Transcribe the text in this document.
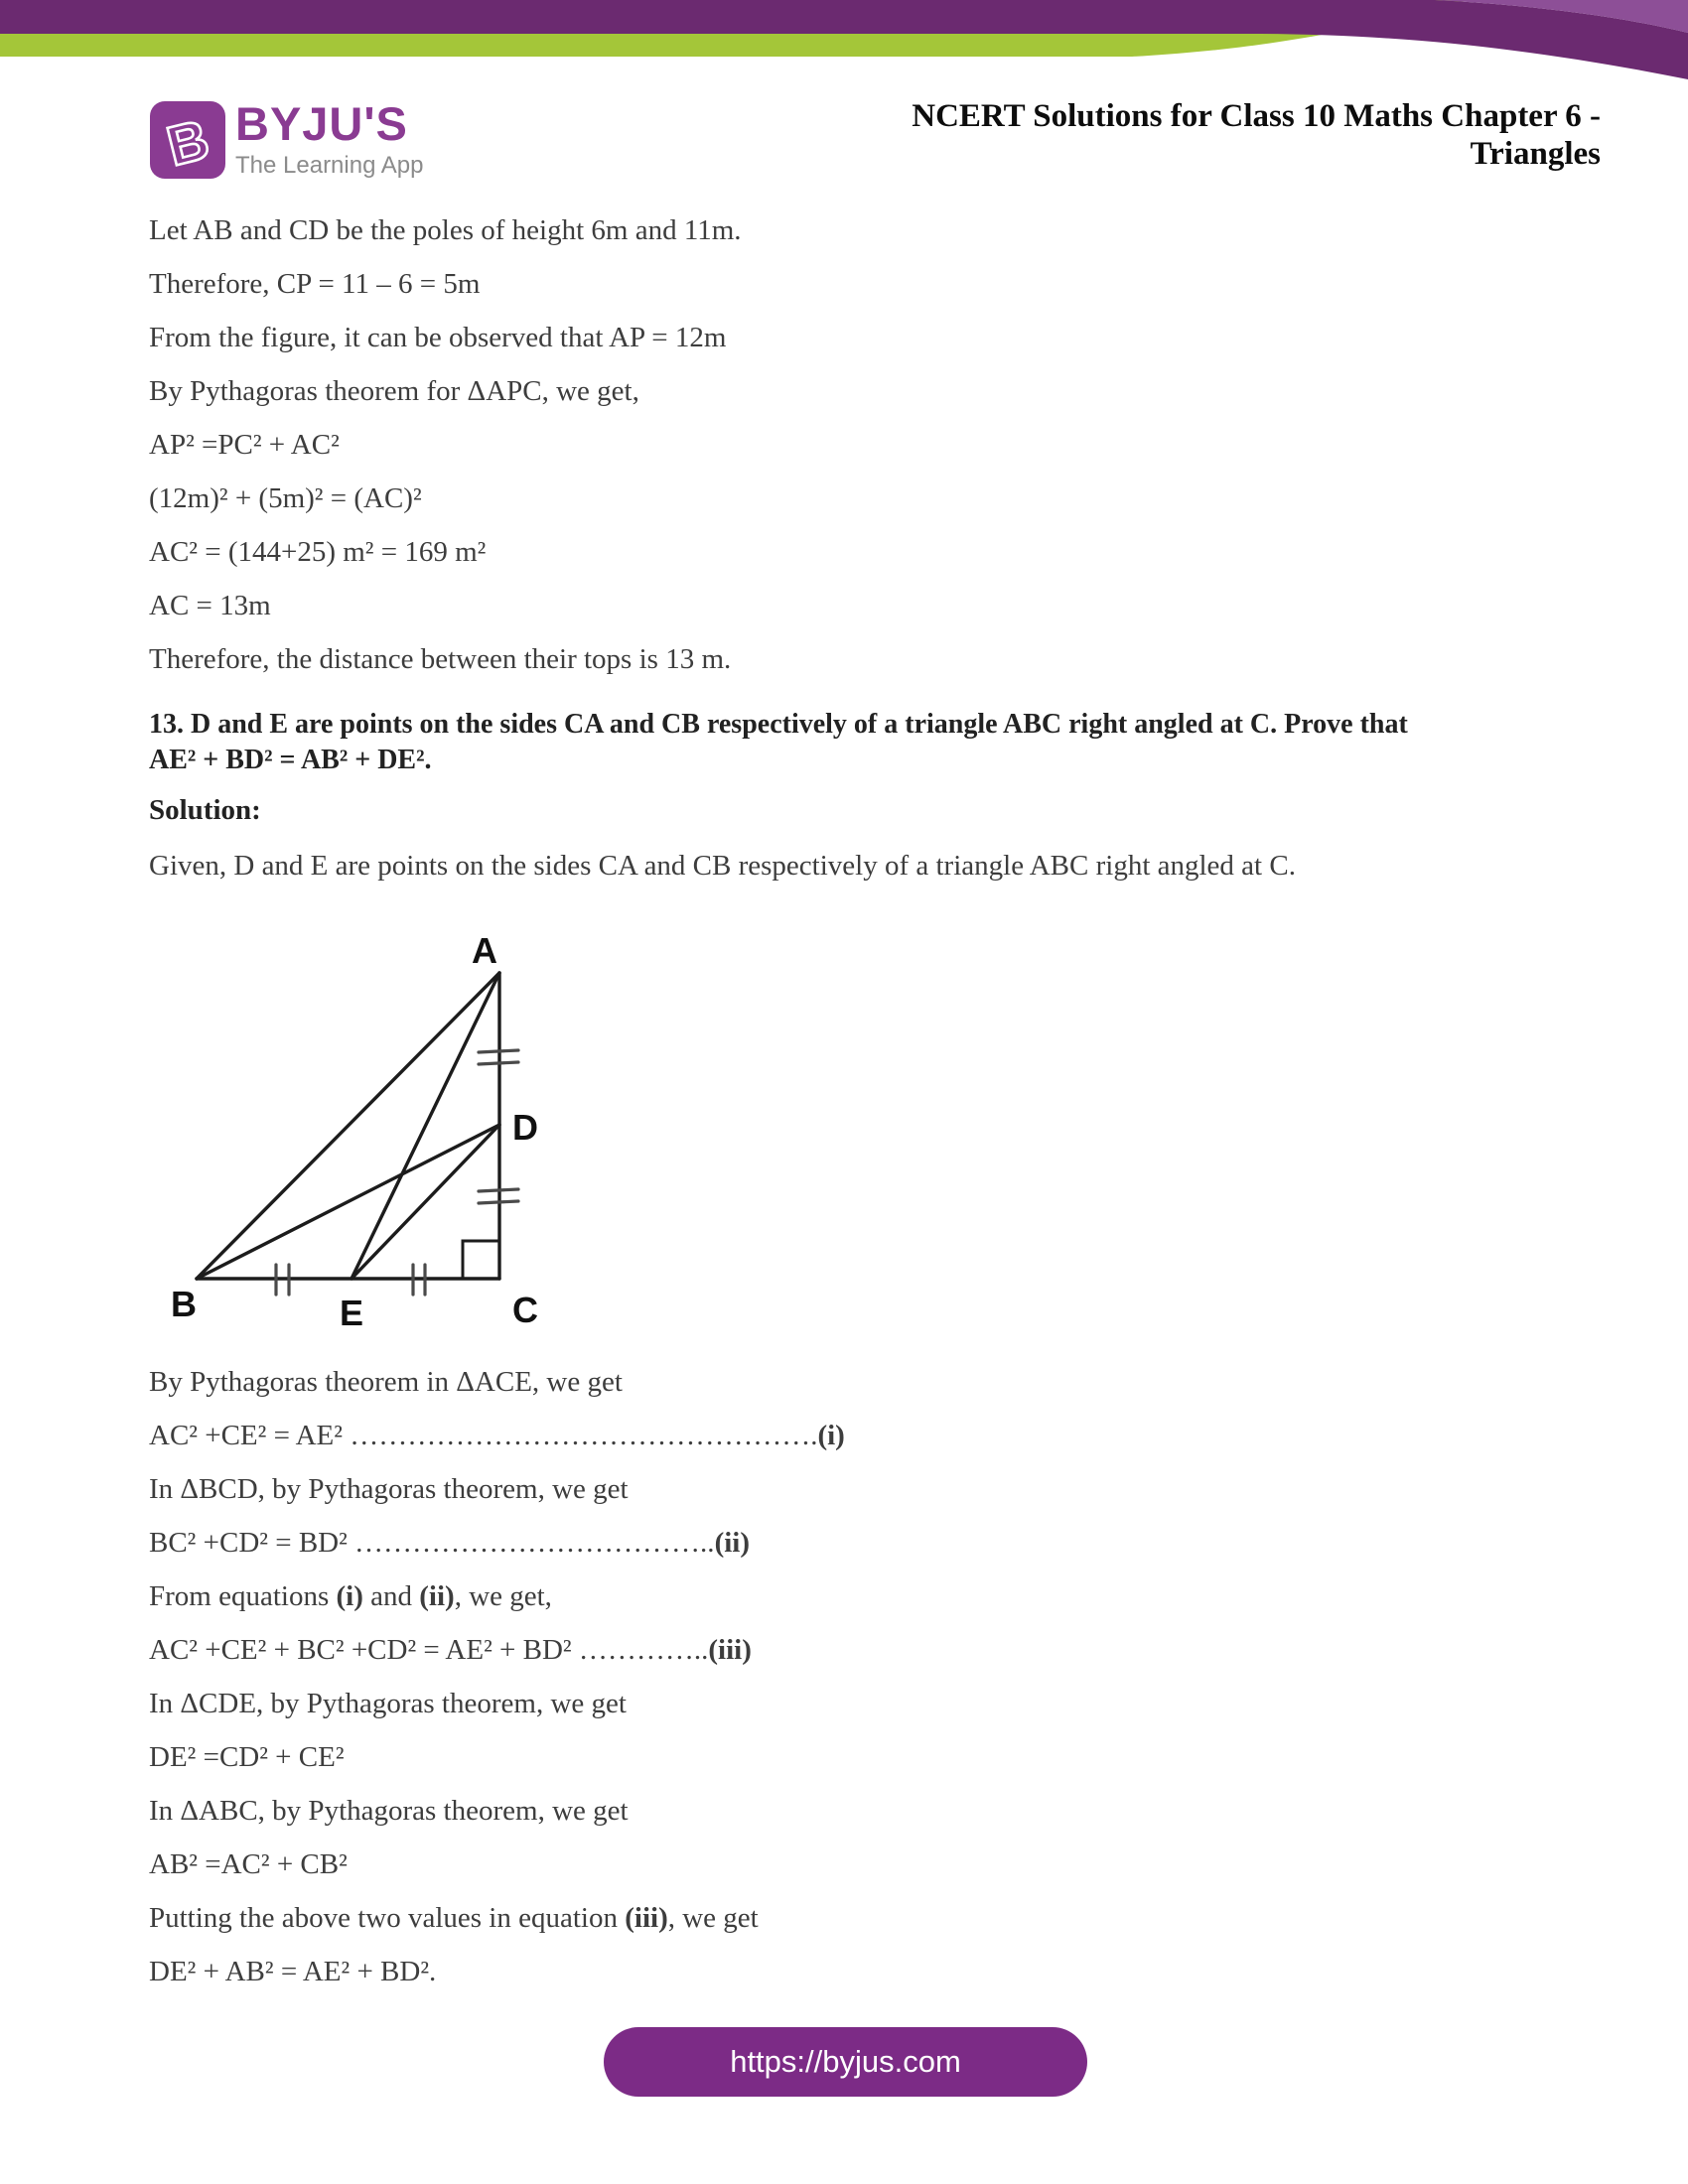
B BYJU'S
The Learning App
NCERT Solutions for Class 10 Maths Chapter 6 -
Triangles
Let AB and CD be the poles of height 6m and 11m.
Therefore, CP = 11 – 6 = 5m
From the figure, it can be observed that AP = 12m
By Pythagoras theorem for ΔAPC, we get,
AP² =PC² + AC²
(12m)² + (5m)² = (AC)²
AC² = (144+25) m² = 169 m²
AC = 13m
Therefore, the distance between their tops is 13 m.
13. D and E are points on the sides CA and CB respectively of a triangle ABC right angled at C. Prove that
AE² + BD² = AB² + DE².
Solution:
Given, D and E are points on the sides CA and CB respectively of a triangle ABC right angled at C.
A
B	E	C
D
By Pythagoras theorem in ΔACE, we get
AC² +CE² = AE² ………………………………………….(i)
In ΔBCD, by Pythagoras theorem, we get
BC² +CD² = BD² ………………………………..(ii)
From equations (i) and (ii), we get,
AC² +CE² + BC² +CD² = AE² + BD² …………..(iii)
In ΔCDE, by Pythagoras theorem, we get
DE² =CD² + CE²
In ΔABC, by Pythagoras theorem, we get
AB² =AC² + CB²
Putting the above two values in equation (iii), we get
DE² + AB² = AE² + BD².
https://byjus.com
